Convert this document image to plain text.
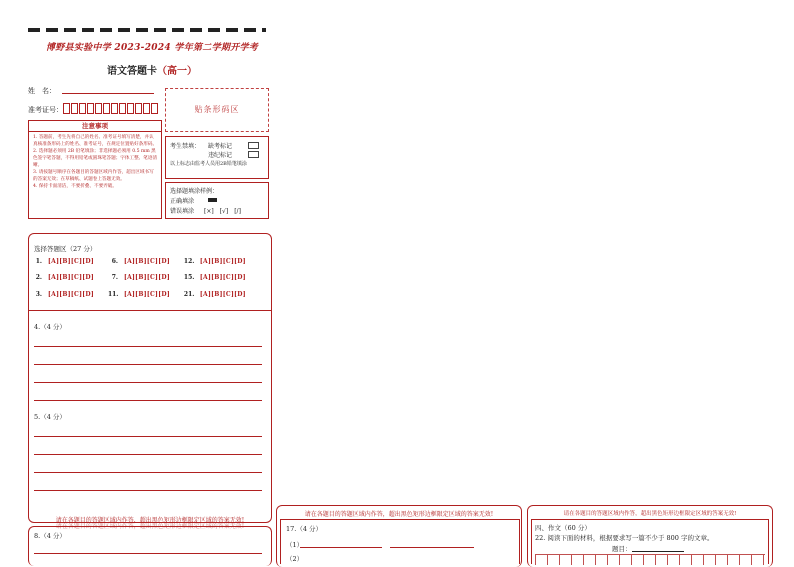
博野县实验中学 2023-2024 学年第二学期开学考
语文答题卡（高一）
姓　名：
准考证号：	贴条形码区
注意事项
1. 答题前，考生先将自己的姓名、准考证号填写清楚，并认真核准条形码上的姓名、准考证号，在规定位置贴好条形码。
2. 选择题必须用 2B 铅笔填涂；非选择题必须用 0.5 mm 黑色签字笔答题，不得用铅笔或圆珠笔答题；字体工整、笔迹清晰。
3. 请按题号顺序在各题目的答题区域内作答，超出区域书写的答案无效；在草稿纸、试题卷上答题无效。
4. 保持卡面清洁，不要折叠、不要弄破。
考生禁填： 缺考标记
违纪标记
以上标志由监考人员用2B铅笔填涂
选择题填涂样例：
正确填涂
错误填涂 [×]　[√]　[/]
选择答题区（27 分）
1. [A][B][C][D]	6. [A][B][C][D] 12. [A][B][C][D]
2. [A][B][C][D]	7. [A][B][C][D] 15. [A][B][C][D]
3. [A][B][C][D] 11. [A][B][C][D] 21. [A][B][C][D]
4.（4 分）
5.（4 分）
请在各题目的答题区域内作答，超出黑色矩形边框限定区域的答案无效!
请在各题目的答题区域内作答，超出黑色矩形边框限定区域的答案无效!
8.（4 分）
请在各题目的答题区域内作答，超出黑色矩形边框限定区域的答案无效!
17.（4 分）
（1）
（2）
请在各题目的答题区域内作答，超出黑色矩形边框限定区域的答案无效!
四、作文（60 分）
22. 阅读下面的材料，根据要求写一篇不少于 800 字的文章。
题目：
